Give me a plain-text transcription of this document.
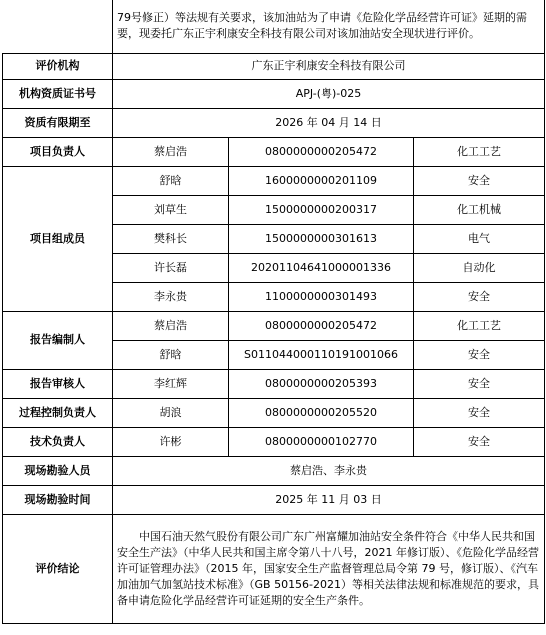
	79号修正）等法规有关要求，该加油站为了申请《危险化学品经营许可证》延期的需要，现委托广东正宇利康安全科技有限公司对该加油站安全现状进行评价。		
评价机构	广东正宇利康安全科技有限公司		
机构资质证书号	APJ-(粤)-025		
资质有限期至	2026 年 04 月 14 日		
项目负责人	蔡启浩	0800000000205472	化工工艺
项目组成员	舒晗	1600000000201109	安全
	刘草生	1500000000200317	化工机械
	樊科长	1500000000301613	电气
	许长磊	20201104641000001336	自动化
	李永贵	1100000000301493	安全
报告编制人	蔡启浩	0800000000205472	化工工艺
	舒晗	S011044000110191001066	安全
报告审核人	李红辉	0800000000205393	安全
过程控制负责人	胡浪	0800000000205520	安全
技术负责人	许彬	0800000000102770	安全
现场勘验人员	蔡启浩、李永贵		
现场勘验时间	2025 年 11 月 03 日		
评价结论	中国石油天然气股份有限公司广东广州富耀加油站安全条件符合《中华人民共和国安全生产法》（中华人民共和国主席令第八十八号，2021 年修订版）、《危险化学品经营许可证管理办法》（2015 年，国家安全生产监督管理总局令第 79 号，修订版）、《汽车加油加气加氢站技术标准》（GB 50156-2021）等相关法律法规和标准规范的要求，具备申请危险化学品经营许可证延期的安全生产条件。		
